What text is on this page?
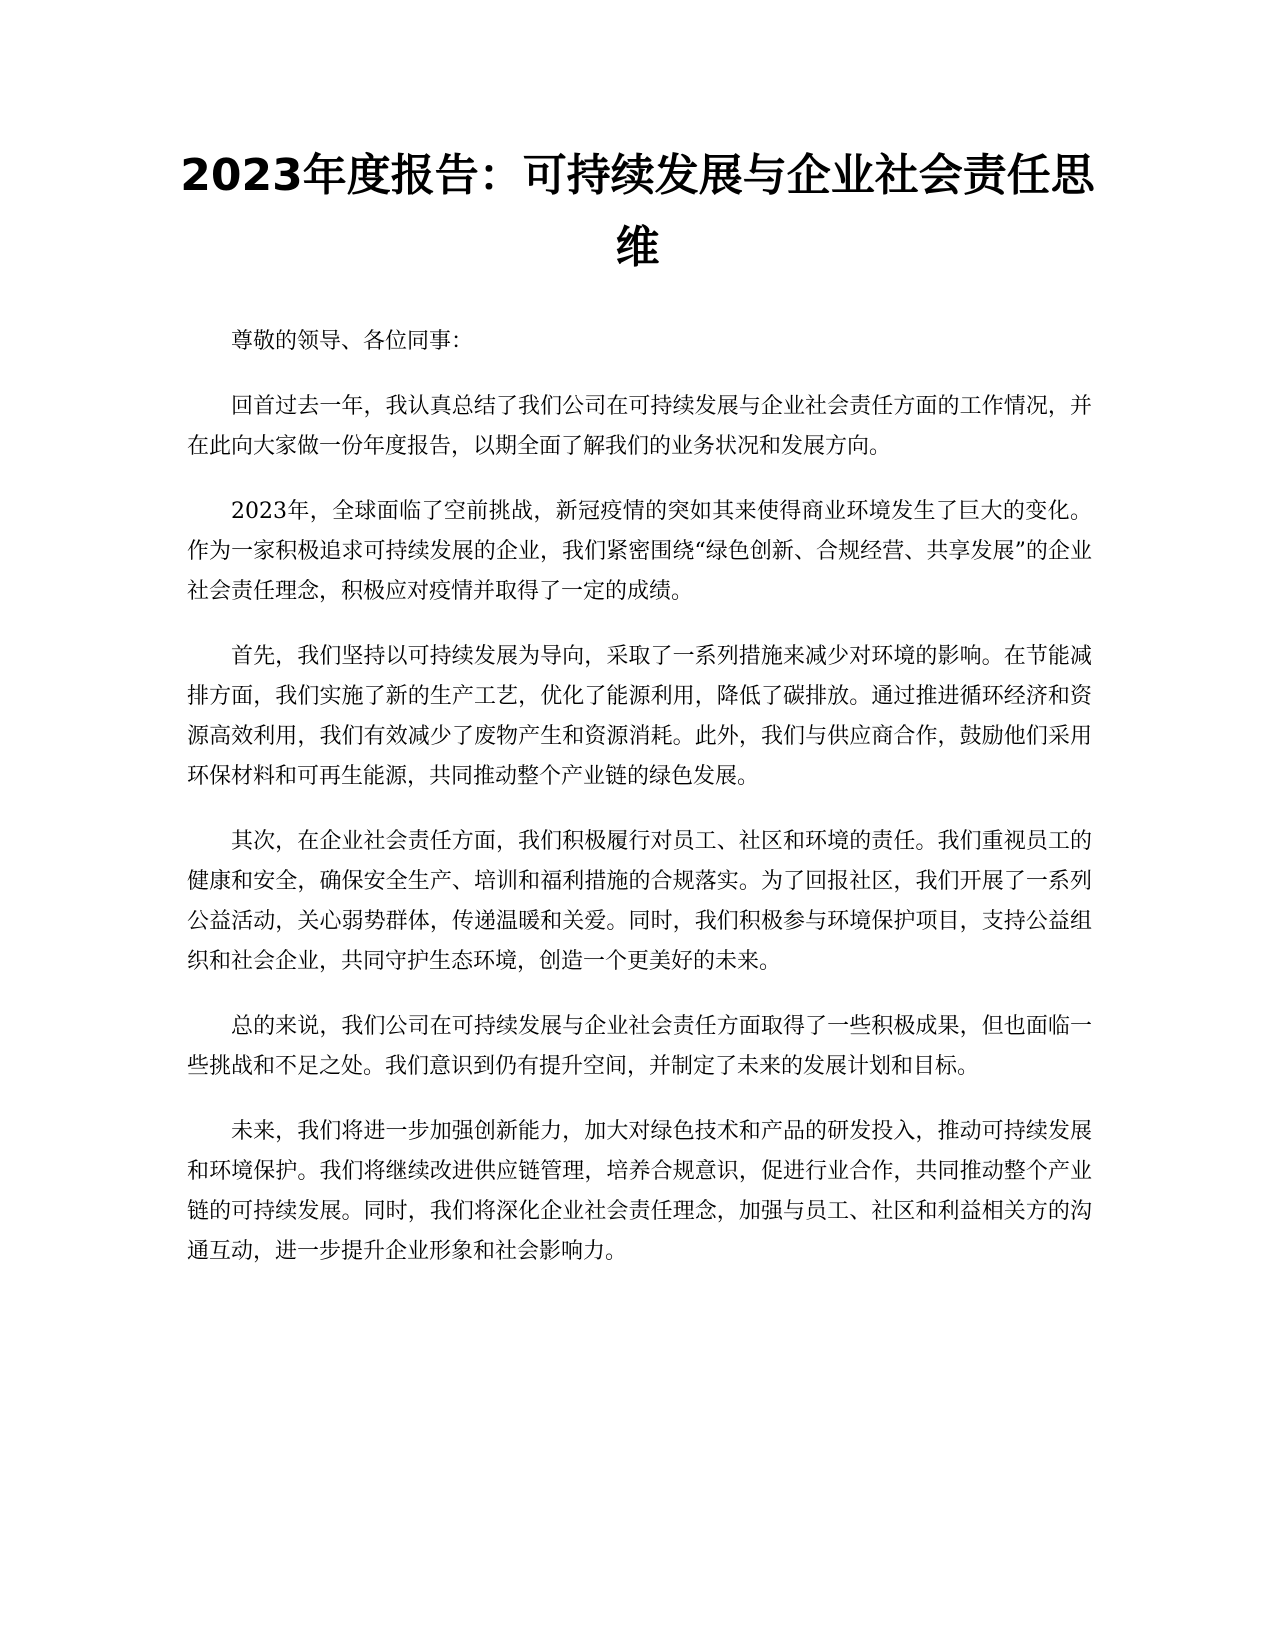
2023年度报告：可持续发展与企业社会责任思维

尊敬的领导、各位同事：

回首过去一年，我认真总结了我们公司在可持续发展与企业社会责任方面的工作情况，并在此向大家做一份年度报告，以期全面了解我们的业务状况和发展方向。

2023年，全球面临了空前挑战，新冠疫情的突如其来使得商业环境发生了巨大的变化。作为一家积极追求可持续发展的企业，我们紧密围绕“绿色创新、合规经营、共享发展”的企业社会责任理念，积极应对疫情并取得了一定的成绩。

首先，我们坚持以可持续发展为导向，采取了一系列措施来减少对环境的影响。在节能减排方面，我们实施了新的生产工艺，优化了能源利用，降低了碳排放。通过推进循环经济和资源高效利用，我们有效减少了废物产生和资源消耗。此外，我们与供应商合作，鼓励他们采用环保材料和可再生能源，共同推动整个产业链的绿色发展。

其次，在企业社会责任方面，我们积极履行对员工、社区和环境的责任。我们重视员工的健康和安全，确保安全生产、培训和福利措施的合规落实。为了回报社区，我们开展了一系列公益活动，关心弱势群体，传递温暖和关爱。同时，我们积极参与环境保护项目，支持公益组织和社会企业，共同守护生态环境，创造一个更美好的未来。

总的来说，我们公司在可持续发展与企业社会责任方面取得了一些积极成果，但也面临一些挑战和不足之处。我们意识到仍有提升空间，并制定了未来的发展计划和目标。

未来，我们将进一步加强创新能力，加大对绿色技术和产品的研发投入，推动可持续发展和环境保护。我们将继续改进供应链管理，培养合规意识，促进行业合作，共同推动整个产业链的可持续发展。同时，我们将深化企业社会责任理念，加强与员工、社区和利益相关方的沟通互动，进一步提升企业形象和社会影响力。
